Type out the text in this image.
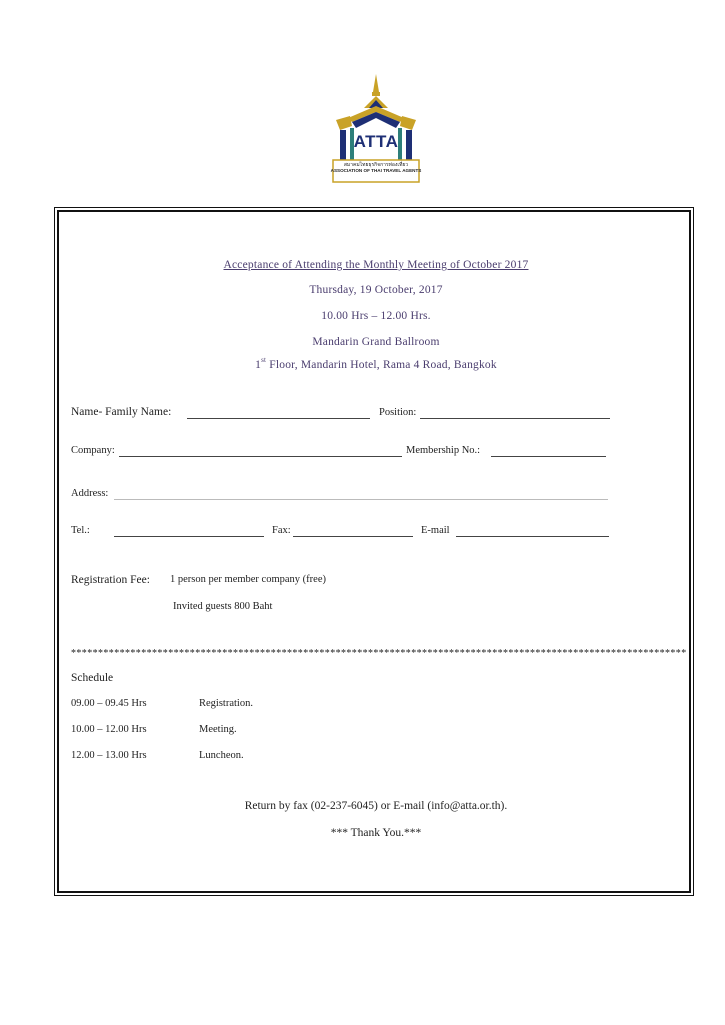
ATTA
สมาคมไทยธุรกิจการท่องเที่ยว
ASSOCIATION OF THAI TRAVEL AGENTS
Acceptance of Attending the Monthly Meeting of October 2017
Thursday, 19 October, 2017
10.00 Hrs – 12.00 Hrs.
Mandarin Grand Ballroom
1st Floor, Mandarin Hotel, Rama 4 Road, Bangkok
Name- Family Name:	Position:
Company:	Membership No.:
Address:
Tel.:	Fax:	E-mail
Registration Fee: 1 person per member company (free)
Invited guests 800 Baht
******************************************************************************************************************
Schedule
09.00 – 09.45 Hrs	Registration.
10.00 – 12.00 Hrs	Meeting.
12.00 – 13.00 Hrs	Luncheon.
Return by fax (02-237-6045) or E-mail (info@atta.or.th).
*** Thank You.***
